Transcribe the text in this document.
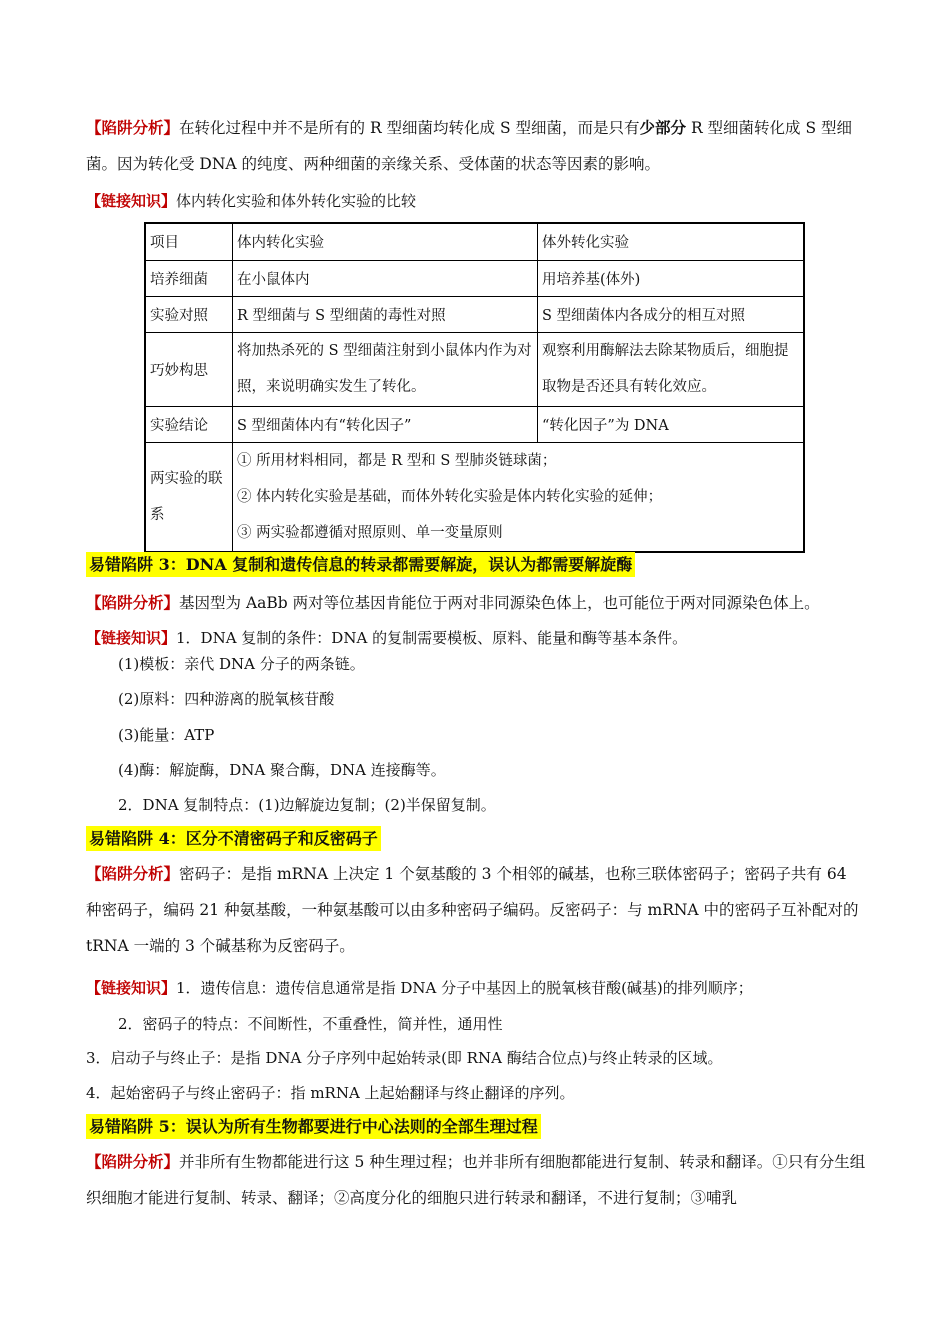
【陷阱分析】在转化过程中并不是所有的 R 型细菌均转化成 S 型细菌，而是只有少部分 R 型细菌转化成 S 型细菌。因为转化受 DNA 的纯度、两种细菌的亲缘关系、受体菌的状态等因素的影响。
【链接知识】体内转化实验和体外转化实验的比较
项目	体内转化实验	体外转化实验
培养细菌	在小鼠体内	用培养基(体外)
实验对照	R 型细菌与 S 型细菌的毒性对照	S 型细菌体内各成分的相互对照
巧妙构思	将加热杀死的 S 型细菌注射到小鼠体内作为对照，来说明确实发生了转化。	观察利用酶解法去除某物质后，细胞提取物是否还具有转化效应。
实验结论	S 型细菌体内有“转化因子”	“转化因子”为 DNA
两实验的联系	① 所用材料相同，都是 R 型和 S 型肺炎链球菌；
② 体内转化实验是基础，而体外转化实验是体内转化实验的延伸；
③ 两实验都遵循对照原则、单一变量原则	
易错陷阱 3：DNA 复制和遗传信息的转录都需要解旋，误认为都需要解旋酶
【陷阱分析】基因型为 AaBb 两对等位基因肯能位于两对非同源染色体上，也可能位于两对同源染色体上。
【链接知识】1．DNA 复制的条件：DNA 的复制需要模板、原料、能量和酶等基本条件。
(1)模板：亲代 DNA 分子的两条链。
(2)原料：四种游离的脱氧核苷酸
(3)能量：ATP
(4)酶：解旋酶，DNA 聚合酶，DNA 连接酶等。
2．DNA 复制特点：(1)边解旋边复制；(2)半保留复制。
易错陷阱 4：区分不清密码子和反密码子
【陷阱分析】密码子：是指 mRNA 上决定 1 个氨基酸的 3 个相邻的碱基，也称三联体密码子；密码子共有 64 种密码子，编码 21 种氨基酸，一种氨基酸可以由多种密码子编码。反密码子：与 mRNA 中的密码子互补配对的 tRNA 一端的 3 个碱基称为反密码子。
【链接知识】1．遗传信息：遗传信息通常是指 DNA 分子中基因上的脱氧核苷酸(碱基)的排列顺序；
2．密码子的特点：不间断性，不重叠性，简并性，通用性
3．启动子与终止子：是指 DNA 分子序列中起始转录(即 RNA 酶结合位点)与终止转录的区域。
4．起始密码子与终止密码子：指 mRNA 上起始翻译与终止翻译的序列。
易错陷阱 5：误认为所有生物都要进行中心法则的全部生理过程
【陷阱分析】并非所有生物都能进行这 5 种生理过程；也并非所有细胞都能进行复制、转录和翻译。①只有分生组织细胞才能进行复制、转录、翻译；②高度分化的细胞只进行转录和翻译，不进行复制；③哺乳
